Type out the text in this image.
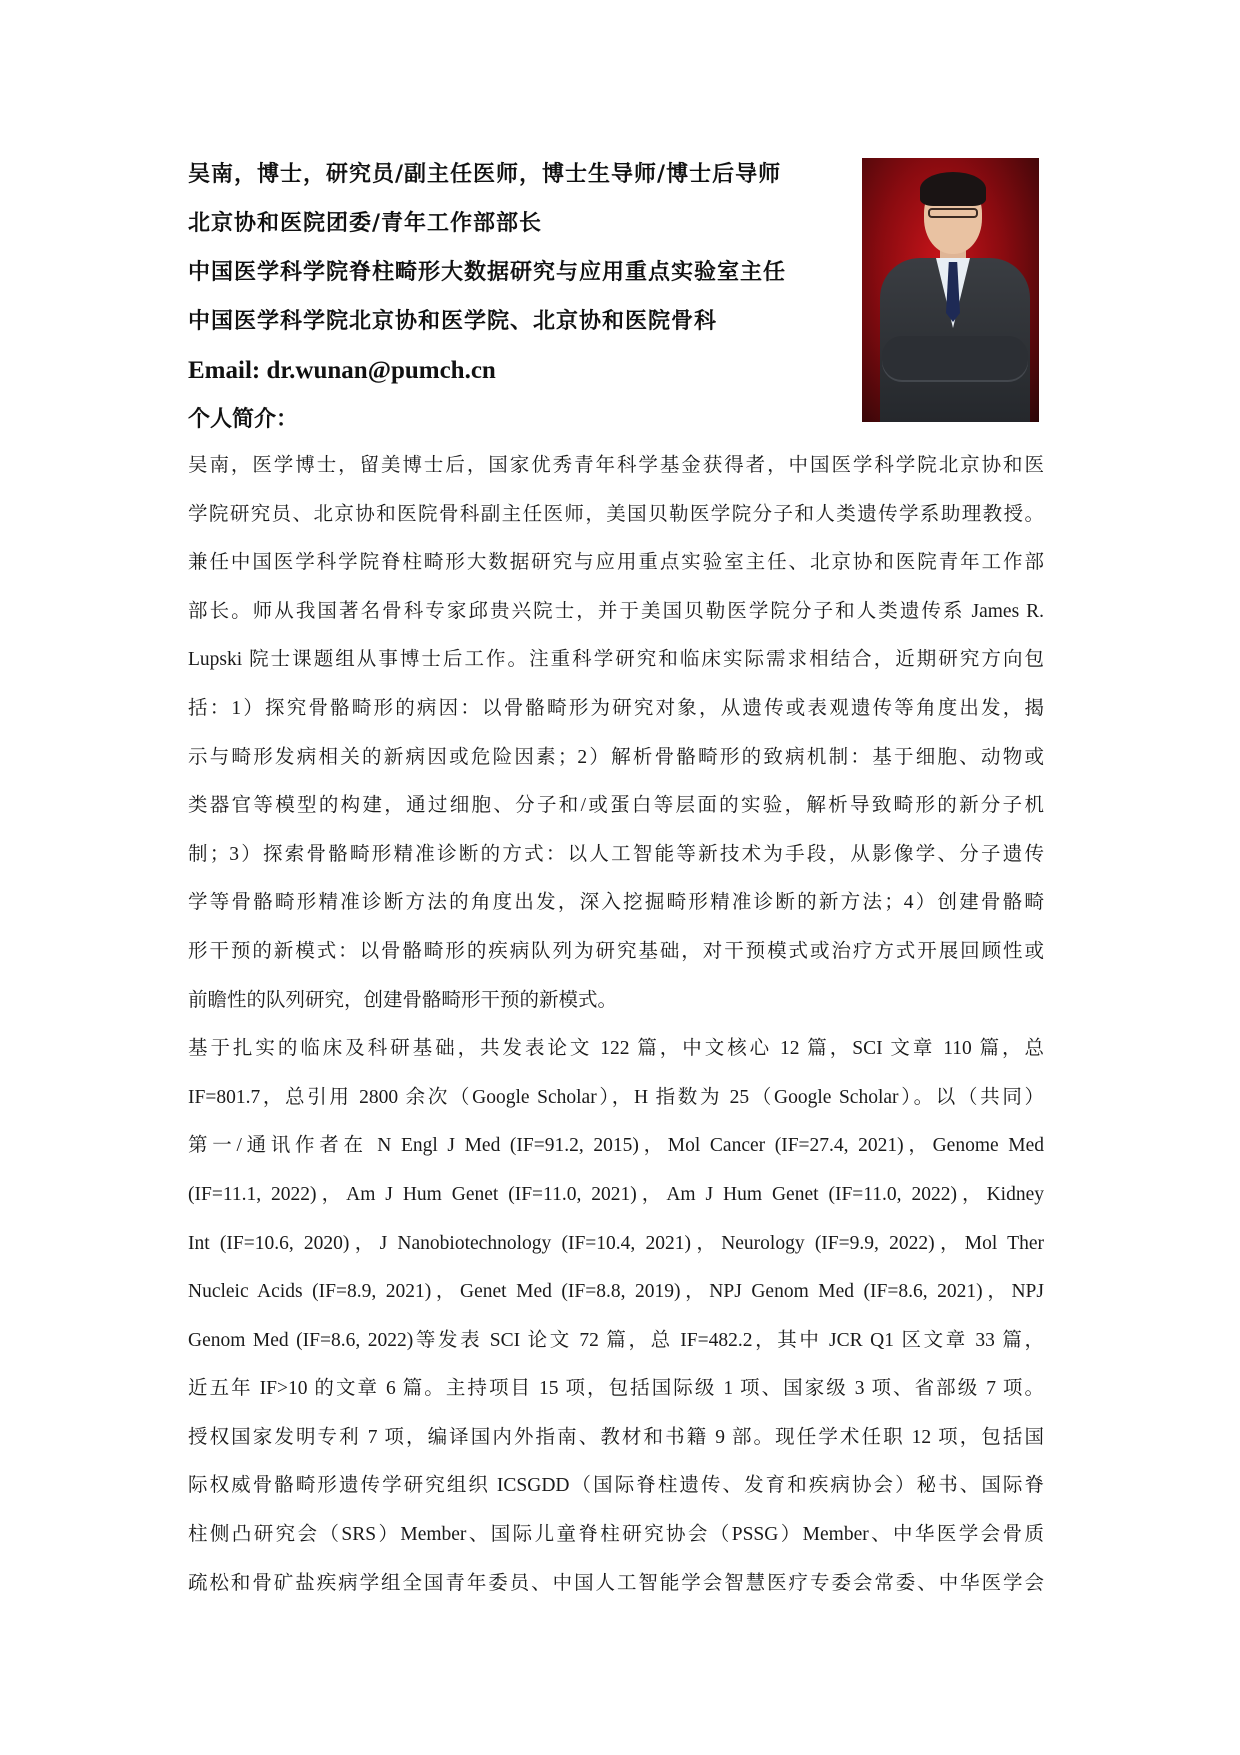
吴南，博士，研究员/副主任医师，博士生导师/博士后导师
北京协和医院团委/青年工作部部长
中国医学科学院脊柱畸形大数据研究与应用重点实验室主任
中国医学科学院北京协和医学院、北京协和医院骨科
Email: dr.wunan@pumch.cn
个人简介：
吴南，医学博士，留美博士后，国家优秀青年科学基金获得者，中国医学科学院北京协和医
学院研究员、北京协和医院骨科副主任医师，美国贝勒医学院分子和人类遗传学系助理教授。
兼任中国医学科学院脊柱畸形大数据研究与应用重点实验室主任、北京协和医院青年工作部
部长。师从我国著名骨科专家邱贵兴院士，并于美国贝勒医学院分子和人类遗传系 James R.
Lupski 院士课题组从事博士后工作。注重科学研究和临床实际需求相结合，近期研究方向包
括：1）探究骨骼畸形的病因：以骨骼畸形为研究对象，从遗传或表观遗传等角度出发，揭
示与畸形发病相关的新病因或危险因素；2）解析骨骼畸形的致病机制：基于细胞、动物或
类器官等模型的构建，通过细胞、分子和/或蛋白等层面的实验，解析导致畸形的新分子机
制；3）探索骨骼畸形精准诊断的方式：以人工智能等新技术为手段，从影像学、分子遗传
学等骨骼畸形精准诊断方法的角度出发，深入挖掘畸形精准诊断的新方法；4）创建骨骼畸
形干预的新模式：以骨骼畸形的疾病队列为研究基础，对干预模式或治疗方式开展回顾性或
前瞻性的队列研究，创建骨骼畸形干预的新模式。
基于扎实的临床及科研基础，共发表论文 122 篇，中文核心 12 篇，SCI 文章 110 篇，总
IF=801.7，总引用 2800 余次（Google Scholar），H 指数为 25（Google Scholar）。以（共同）
第一/通讯作者在 N Engl J Med (IF=91.2, 2015)，Mol Cancer (IF=27.4, 2021)，Genome Med
(IF=11.1, 2022)，Am J Hum Genet (IF=11.0, 2021)，Am J Hum Genet (IF=11.0, 2022)，Kidney
Int (IF=10.6, 2020)，J Nanobiotechnology (IF=10.4, 2021)，Neurology (IF=9.9, 2022)，Mol Ther
Nucleic Acids (IF=8.9, 2021)，Genet Med (IF=8.8, 2019)，NPJ Genom Med (IF=8.6, 2021)，NPJ
Genom Med (IF=8.6, 2022)等发表 SCI 论文 72 篇，总 IF=482.2，其中 JCR Q1 区文章 33 篇，
近五年 IF>10 的文章 6 篇。主持项目 15 项，包括国际级 1 项、国家级 3 项、省部级 7 项。
授权国家发明专利 7 项，编译国内外指南、教材和书籍 9 部。现任学术任职 12 项，包括国
际权威骨骼畸形遗传学研究组织 ICSGDD（国际脊柱遗传、发育和疾病协会）秘书、国际脊
柱侧凸研究会（SRS）Member、国际儿童脊柱研究协会（PSSG）Member、中华医学会骨质
疏松和骨矿盐疾病学组全国青年委员、中国人工智能学会智慧医疗专委会常委、中华医学会
